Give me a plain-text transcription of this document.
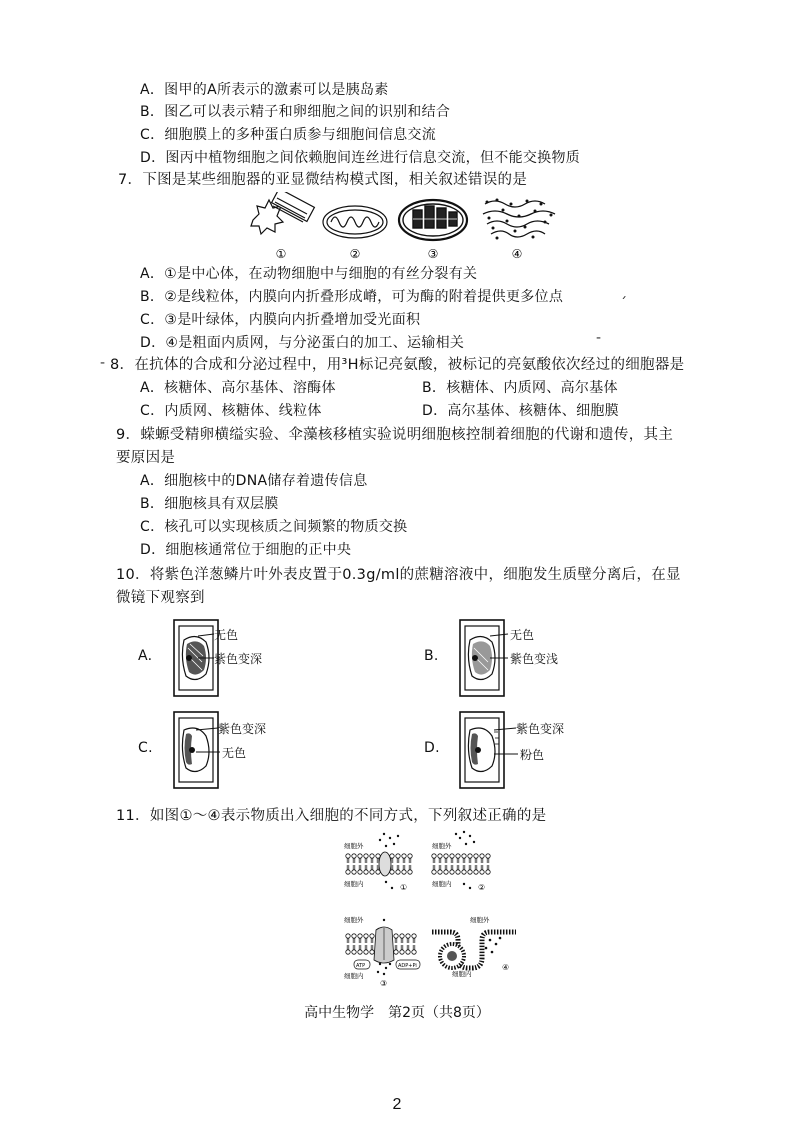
A．图甲的A所表示的激素可以是胰岛素
B．图乙可以表示精子和卵细胞之间的识别和结合
C．细胞膜上的多种蛋白质参与细胞间信息交流
D．图丙中植物细胞之间依赖胞间连丝进行信息交流，但不能交换物质
7．下图是某些细胞器的亚显微结构模式图，相关叙述错误的是
①	②	③	④
A．①是中心体，在动物细胞中与细胞的有丝分裂有关
B．②是线粒体，内膜向内折叠形成嵴，可为酶的附着提供更多位点
C．③是叶绿体，内膜向内折叠增加受光面积
D．④是粗面内质网，与分泌蛋白的加工、运输相关
ˊ
-
- 8．在抗体的合成和分泌过程中，用³H标记亮氨酸，被标记的亮氨酸依次经过的细胞器是
A．核糖体、高尔基体、溶酶体	B．核糖体、内质网、高尔基体
C．内质网、核糖体、线粒体	D．高尔基体、核糖体、细胞膜
9．蝾螈受精卵横缢实验、伞藻核移植实验说明细胞核控制着细胞的代谢和遗传，其主
要原因是
A．细胞核中的DNA储存着遗传信息
B．细胞核具有双层膜
C．核孔可以实现核质之间频繁的物质交换
D．细胞核通常位于细胞的正中央
10．将紫色洋葱鳞片叶外表皮置于0.3g/ml的蔗糖溶液中，细胞发生质壁分离后，在显
微镜下观察到
A.
无色
紫色变深	B.
无色
紫色变浅
C.
紫色变深
无色	D.
紫色变深
粉色
11．如图①～④表示物质出入细胞的不同方式，下列叙述正确的是
细胞外
细胞内	①
细胞外
细胞内	②
细胞外
ATP	ADP+Pi
细胞内
③
细胞外
细胞内
④
高中生物学　第2页（共8页）
2
